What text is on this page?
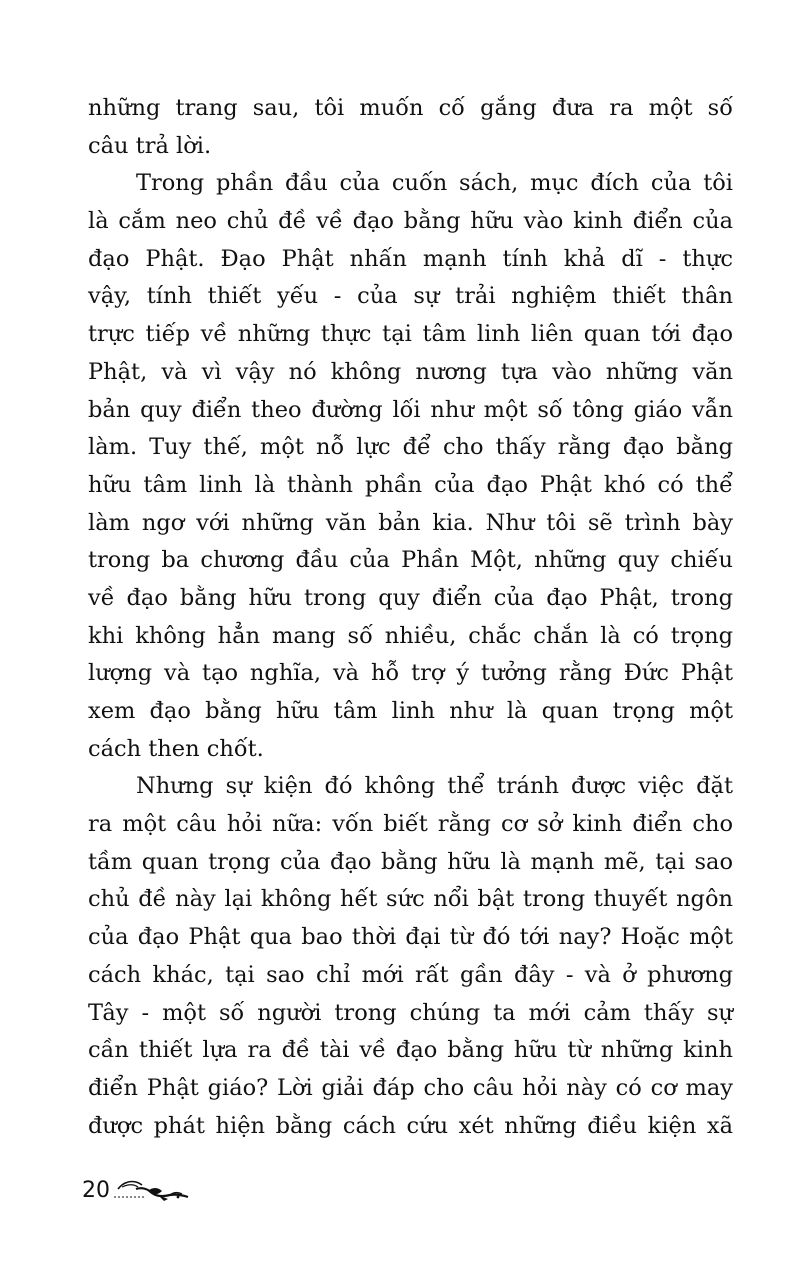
những trang sau, tôi muốn cố gắng đưa ra một số
câu trả lời.
Trong phần đầu của cuốn sách, mục đích của tôi
là cắm neo chủ đề về đạo bằng hữu vào kinh điển của
đạo Phật. Đạo Phật nhấn mạnh tính khả dĩ - thực
vậy, tính thiết yếu - của sự trải nghiệm thiết thân
trực tiếp về những thực tại tâm linh liên quan tới đạo
Phật, và vì vậy nó không nương tựa vào những văn
bản quy điển theo đường lối như một số tông giáo vẫn
làm. Tuy thế, một nỗ lực để cho thấy rằng đạo bằng
hữu tâm linh là thành phần của đạo Phật khó có thể
làm ngơ với những văn bản kia. Như tôi sẽ trình bày
trong ba chương đầu của Phần Một, những quy chiếu
về đạo bằng hữu trong quy điển của đạo Phật, trong
khi không hẳn mang số nhiều, chắc chắn là có trọng
lượng và tạo nghĩa, và hỗ trợ ý tưởng rằng Đức Phật
xem đạo bằng hữu tâm linh như là quan trọng một
cách then chốt.
Nhưng sự kiện đó không thể tránh được việc đặt
ra một câu hỏi nữa: vốn biết rằng cơ sở kinh điển cho
tầm quan trọng của đạo bằng hữu là mạnh mẽ, tại sao
chủ đề này lại không hết sức nổi bật trong thuyết ngôn
của đạo Phật qua bao thời đại từ đó tới nay? Hoặc một
cách khác, tại sao chỉ mới rất gần đây - và ở phương
Tây - một số người trong chúng ta mới cảm thấy sự
cần thiết lựa ra đề tài về đạo bằng hữu từ những kinh
điển Phật giáo? Lời giải đáp cho câu hỏi này có cơ may
được phát hiện bằng cách cứu xét những điều kiện xã
20
